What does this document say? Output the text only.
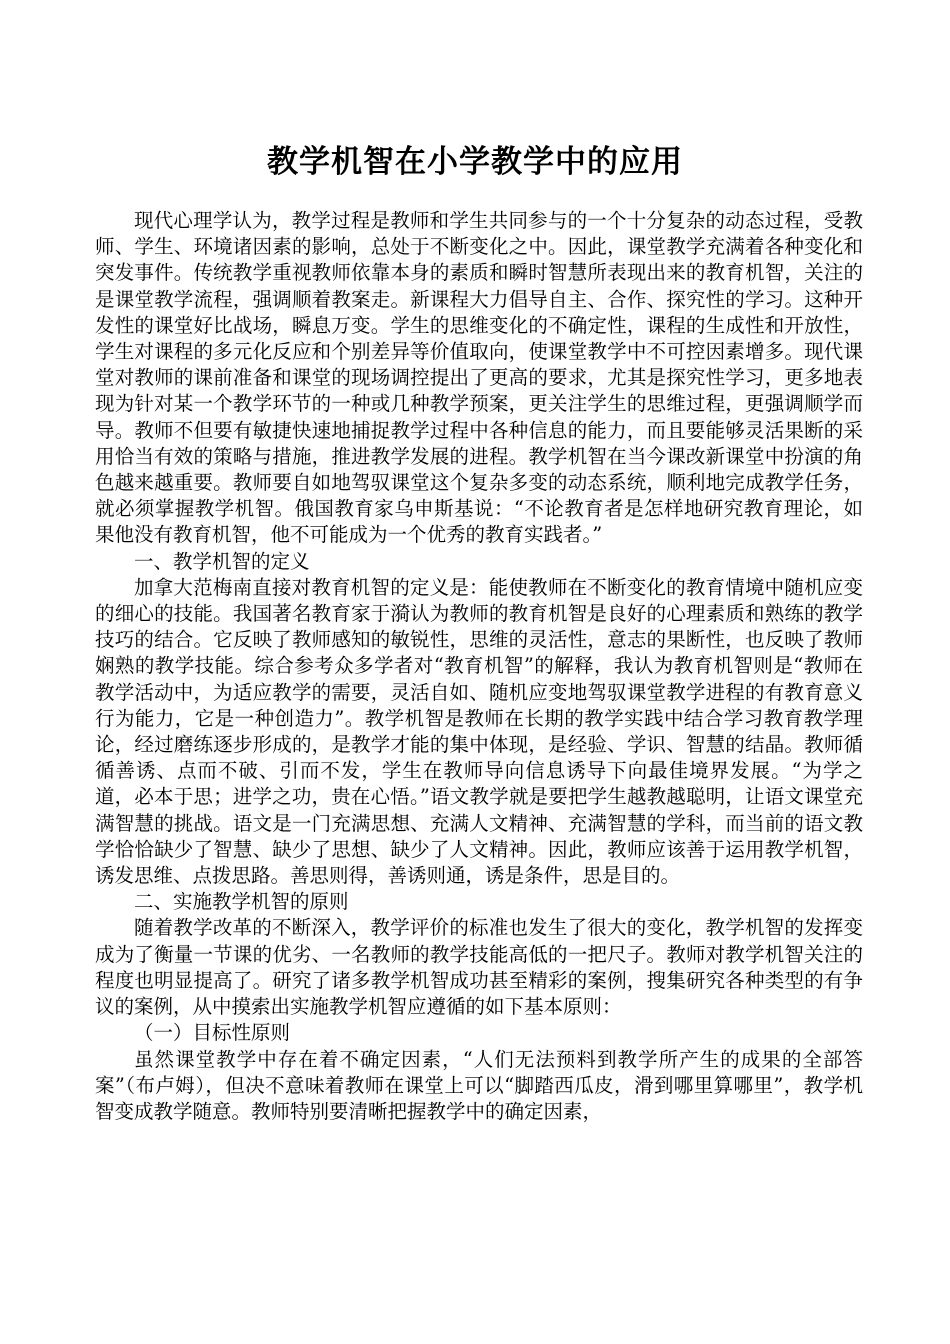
教学机智在小学教学中的应用

现代心理学认为，教学过程是教师和学生共同参与的一个十分复杂的动态过程，受教师、学生、环境诸因素的影响，总处于不断变化之中。因此，课堂教学充满着各种变化和突发事件。传统教学重视教师依靠本身的素质和瞬时智慧所表现出来的教育机智，关注的是课堂教学流程，强调顺着教案走。新课程大力倡导自主、合作、探究性的学习。这种开发性的课堂好比战场，瞬息万变。学生的思维变化的不确定性，课程的生成性和开放性，学生对课程的多元化反应和个别差异等价值取向，使课堂教学中不可控因素增多。现代课堂对教师的课前准备和课堂的现场调控提出了更高的要求，尤其是探究性学习，更多地表现为针对某一个教学环节的一种或几种教学预案，更关注学生的思维过程，更强调顺学而导。教师不但要有敏捷快速地捕捉教学过程中各种信息的能力，而且要能够灵活果断的采用恰当有效的策略与措施，推进教学发展的进程。教学机智在当今课改新课堂中扮演的角色越来越重要。教师要自如地驾驭课堂这个复杂多变的动态系统，顺利地完成教学任务，就必须掌握教学机智。俄国教育家乌申斯基说：“不论教育者是怎样地研究教育理论，如果他没有教育机智，他不可能成为一个优秀的教育实践者。”

一、教学机智的定义

加拿大范梅南直接对教育机智的定义是：能使教师在不断变化的教育情境中随机应变的细心的技能。我国著名教育家于漪认为教师的教育机智是良好的心理素质和熟练的教学技巧的结合。它反映了教师感知的敏锐性，思维的灵活性，意志的果断性，也反映了教师娴熟的教学技能。综合参考众多学者对“教育机智”的解释，我认为教育机智则是“教师在教学活动中，为适应教学的需要，灵活自如、随机应变地驾驭课堂教学进程的有教育意义行为能力，它是一种创造力”。教学机智是教师在长期的教学实践中结合学习教育教学理论，经过磨练逐步形成的，是教学才能的集中体现，是经验、学识、智慧的结晶。教师循循善诱、点而不破、引而不发，学生在教师导向信息诱导下向最佳境界发展。“为学之道，必本于思；进学之功，贵在心悟。”语文教学就是要把学生越教越聪明，让语文课堂充满智慧的挑战。语文是一门充满思想、充满人文精神、充满智慧的学科，而当前的语文教学恰恰缺少了智慧、缺少了思想、缺少了人文精神。因此，教师应该善于运用教学机智，诱发思维、点拨思路。善思则得，善诱则通，诱是条件，思是目的。

二、实施教学机智的原则

随着教学改革的不断深入，教学评价的标准也发生了很大的变化，教学机智的发挥变成为了衡量一节课的优劣、一名教师的教学技能高低的一把尺子。教师对教学机智关注的程度也明显提高了。研究了诸多教学机智成功甚至精彩的案例，搜集研究各种类型的有争议的案例，从中摸索出实施教学机智应遵循的如下基本原则：

（一）目标性原则

虽然课堂教学中存在着不确定因素，“人们无法预料到教学所产生的成果的全部答案”（布卢姆），但决不意味着教师在课堂上可以“脚踏西瓜皮，滑到哪里算哪里”，教学机智变成教学随意。教师特别要清晰把握教学中的确定因素，
